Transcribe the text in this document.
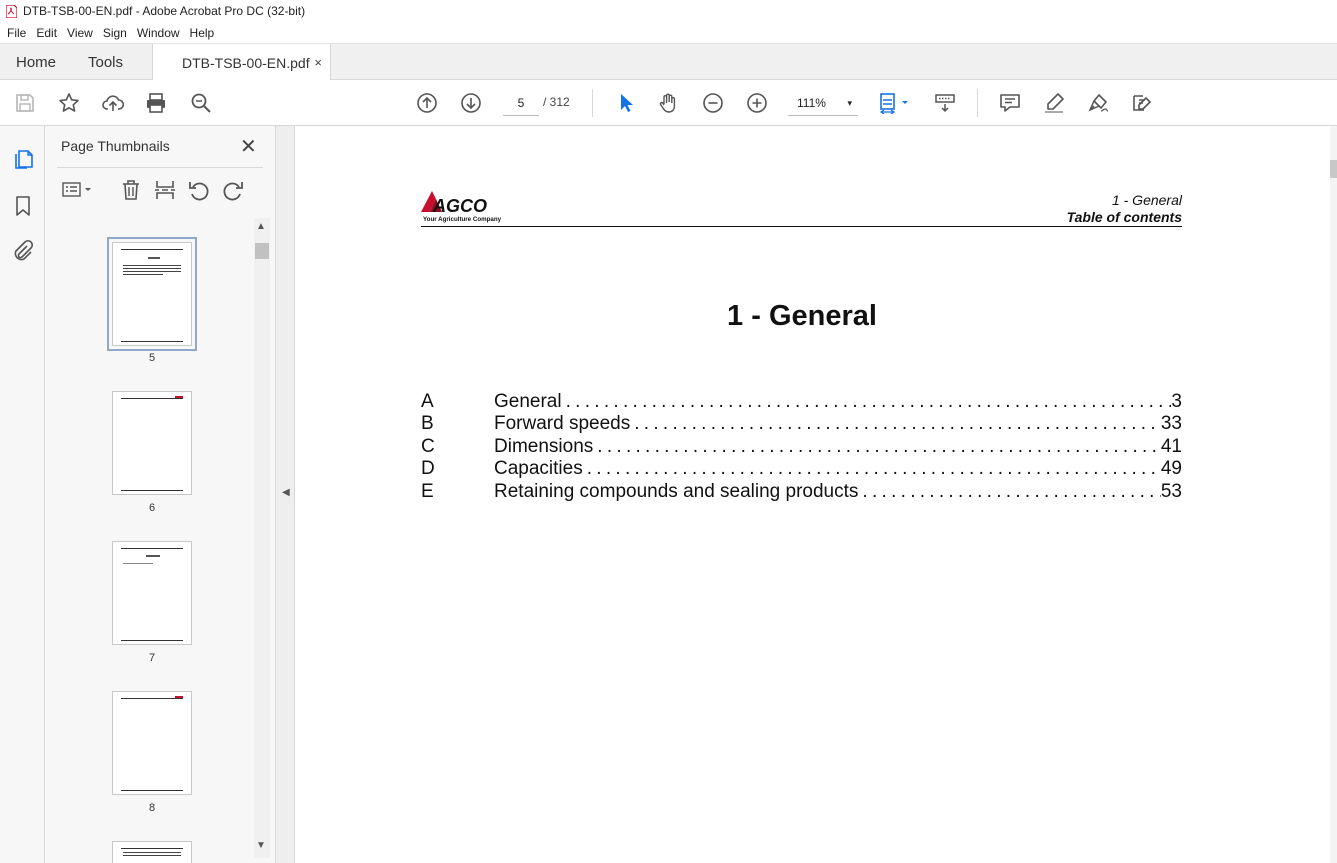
DTB-TSB-00-EN.pdf - Adobe Acrobat Pro DC (32-bit)
File Edit View Sign Window Help
Home Tools	DTB-TSB-00-EN.pdf ×
5	/ 312	111% ▾
Page Thumbnails	✕
5
6
7
8
▲
▼
◀
AGCO
Your Agriculture Company
1 - General
Table of contents
1 - General
A	General . . .	3
B	Forward speeds . . .	33
C	Dimensions . . .	41
D	Capacities . . .	49
E	Retaining compounds and sealing products . . .	53
